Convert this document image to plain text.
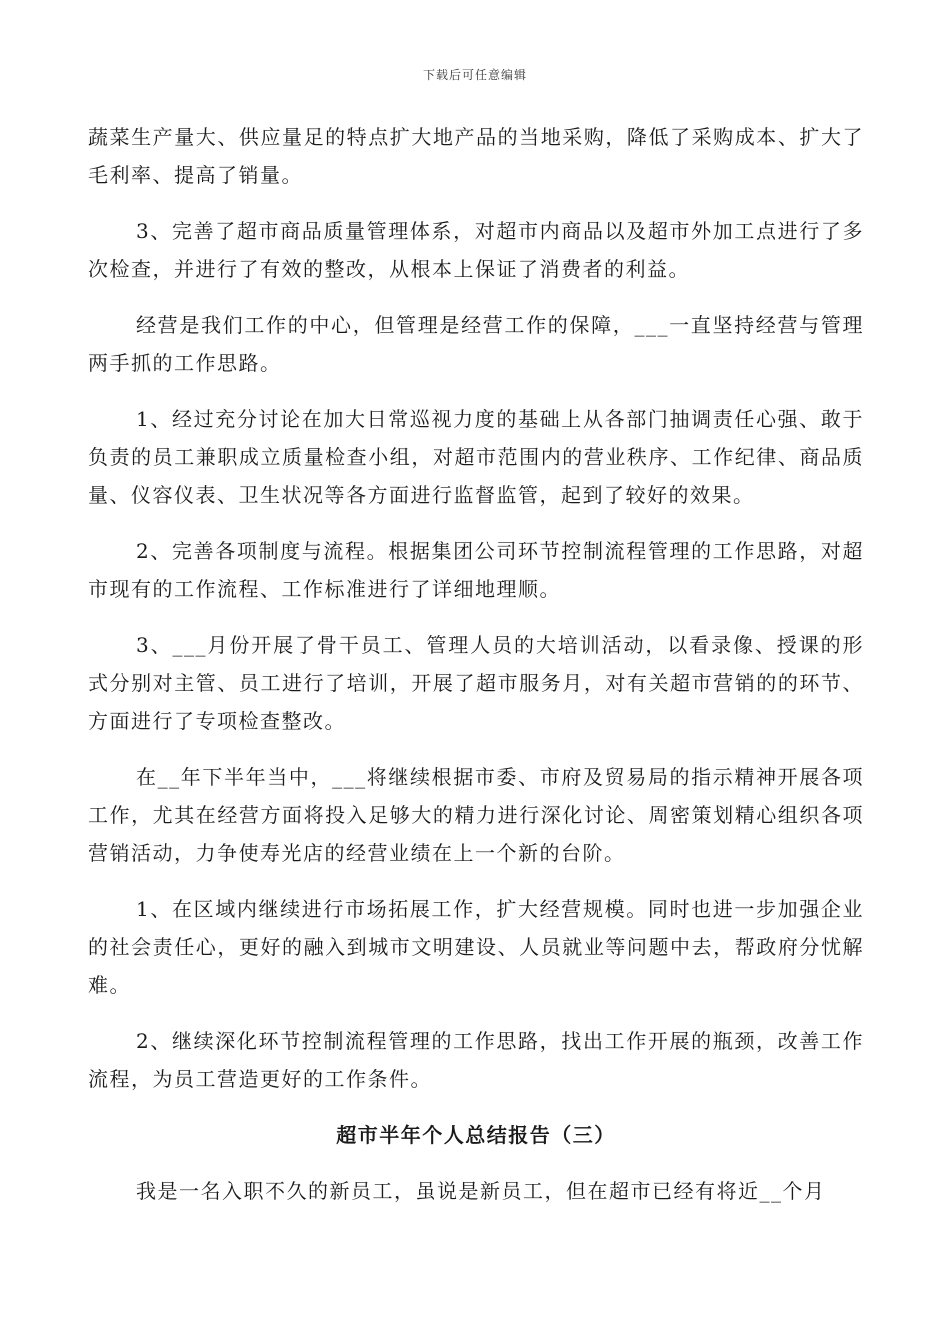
下载后可任意编辑

蔬菜生产量大、供应量足的特点扩大地产品的当地采购，降低了采购成本、扩大了毛利率、提高了销量。

3、完善了超市商品质量管理体系，对超市内商品以及超市外加工点进行了多次检查，并进行了有效的整改，从根本上保证了消费者的利益。

经营是我们工作的中心，但管理是经营工作的保障，___一直坚持经营与管理两手抓的工作思路。

1、经过充分讨论在加大日常巡视力度的基础上从各部门抽调责任心强、敢于负责的员工兼职成立质量检查小组，对超市范围内的营业秩序、工作纪律、商品质量、仪容仪表、卫生状况等各方面进行监督监管，起到了较好的效果。

2、完善各项制度与流程。根据集团公司环节控制流程管理的工作思路，对超市现有的工作流程、工作标准进行了详细地理顺。

3、___月份开展了骨干员工、管理人员的大培训活动，以看录像、授课的形式分别对主管、员工进行了培训，开展了超市服务月，对有关超市营销的的环节、方面进行了专项检查整改。

在__年下半年当中，___将继续根据市委、市府及贸易局的指示精神开展各项工作，尤其在经营方面将投入足够大的精力进行深化讨论、周密策划精心组织各项营销活动，力争使寿光店的经营业绩在上一个新的台阶。

1、在区域内继续进行市场拓展工作，扩大经营规模。同时也进一步加强企业的社会责任心，更好的融入到城市文明建设、人员就业等问题中去，帮政府分忧解难。

2、继续深化环节控制流程管理的工作思路，找出工作开展的瓶颈，改善工作流程，为员工营造更好的工作条件。

超市半年个人总结报告（三）

我是一名入职不久的新员工，虽说是新员工，但在超市已经有将近__个月
